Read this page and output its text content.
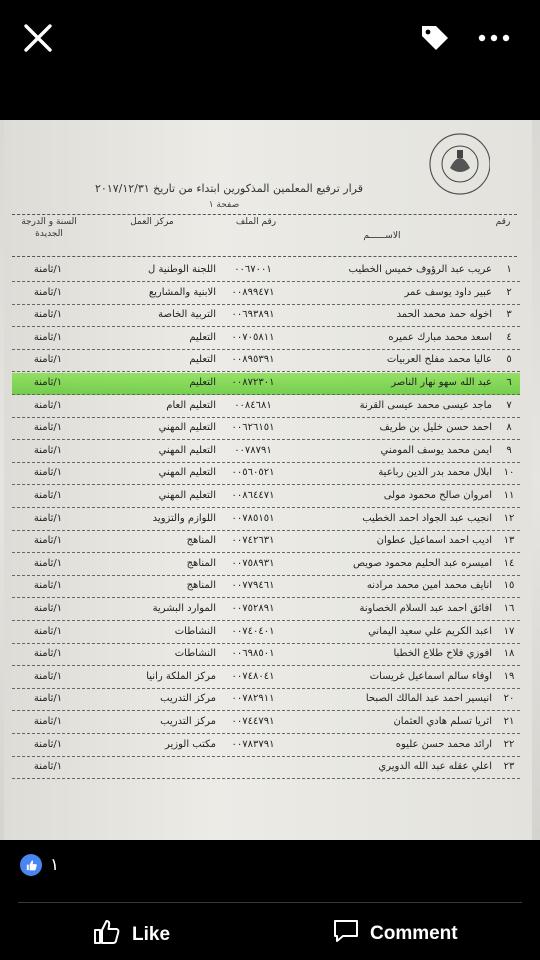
قرار ترفيع المعلمين المذكورين ابتداء من تاريخ ٢٠١٧/١٢/٣١
صفحة ١
رقم
الاســــــم
رقم الملف
مركز العمل
السنة و الدرجة الجديدة
١
عريب عبد الرؤوف خميس الخطيب
٠٠٦٧٠٠١
اللجنة الوطنية ل
١/ثامنة
٢
عبير داود يوسف عمر
٠٠٨٩٩٤٧١
الابنية والمشاريع
١/ثامنة
٣
اخوله حمد محمد الحمد
٠٠٦٩٣٨٩١
التربية الخاصة
١/ثامنة
٤
اسعد محمد مبارك عميره
٠٠٧٠٥٨١١
التعليم
١/ثامنة
٥
عاليا محمد مفلح العربيات
٠٠٨٩٥٣٩١
التعليم
١/ثامنة
٦
عبد الله سهو نهار الناصر
٠٠٨٧٢٣٠١
التعليم
١/ثامنة
٧
ماجد عيسى محمد عيسى القرنة
٠٠٨٤٦٨١
التعليم العام
١/ثامنة
٨
احمد حسن خليل بن طريف
٠٠٦٢٦١٥١
التعليم المهني
١/ثامنة
٩
ايمن محمد يوسف المومني
٠٠٧٨٧٩١
التعليم المهني
١/ثامنة
١٠
ابلال محمد بدر الدين رباعية
٠٠٥٦٠٥٢١
التعليم المهني
١/ثامنة
١١
امروان صالح محمود مولى
٠٠٨٦٤٤٧١
التعليم المهني
١/ثامنة
١٢
انجيب عبد الجواد احمد الخطيب
٠٠٧٨٥١٥١
اللوازم والتزويد
١/ثامنة
١٣
اديب احمد اسماعيل عطوان
٠٠٧٤٢٦٣١
المناهج
١/ثامنة
١٤
اميسره عبد الحليم محمود صويص
٠٠٧٥٨٩٣١
المناهج
١/ثامنة
١٥
انايف محمد امين محمد مرادنه
٠٠٧٧٩٤٦١
المناهج
١/ثامنة
١٦
افائق احمد عبد السلام الخصاونة
٠٠٧٥٢٨٩١
الموارد البشرية
١/ثامنة
١٧
اعبد الكريم علي سعيد اليماني
٠٠٧٤٠٤٠١
النشاطات
١/ثامنة
١٨
افوزي فلاح طلاع الخطبا
٠٠٦٩٨٥٠١
النشاطات
١/ثامنة
١٩
اوفاء سالم اسماعيل غريسات
٠٠٧٤٨٠٤١
مركز الملكة رانيا
١/ثامنة
٢٠
انيسير احمد عبد المالك الصبحا
٠٠٧٨٢٩١١
مركز التدريب
١/ثامنة
٢١
اثريا تسلم هادي العثمان
٠٠٧٤٤٧٩١
مركز التدريب
١/ثامنة
٢٢
ارائد محمد حسن عليوه
٠٠٧٨٣٧٩١
مكتب الوزير
١/ثامنة
٢٣
اعلي عقله عبد الله الدويري
١/ثامنة
١
Like	Comment
